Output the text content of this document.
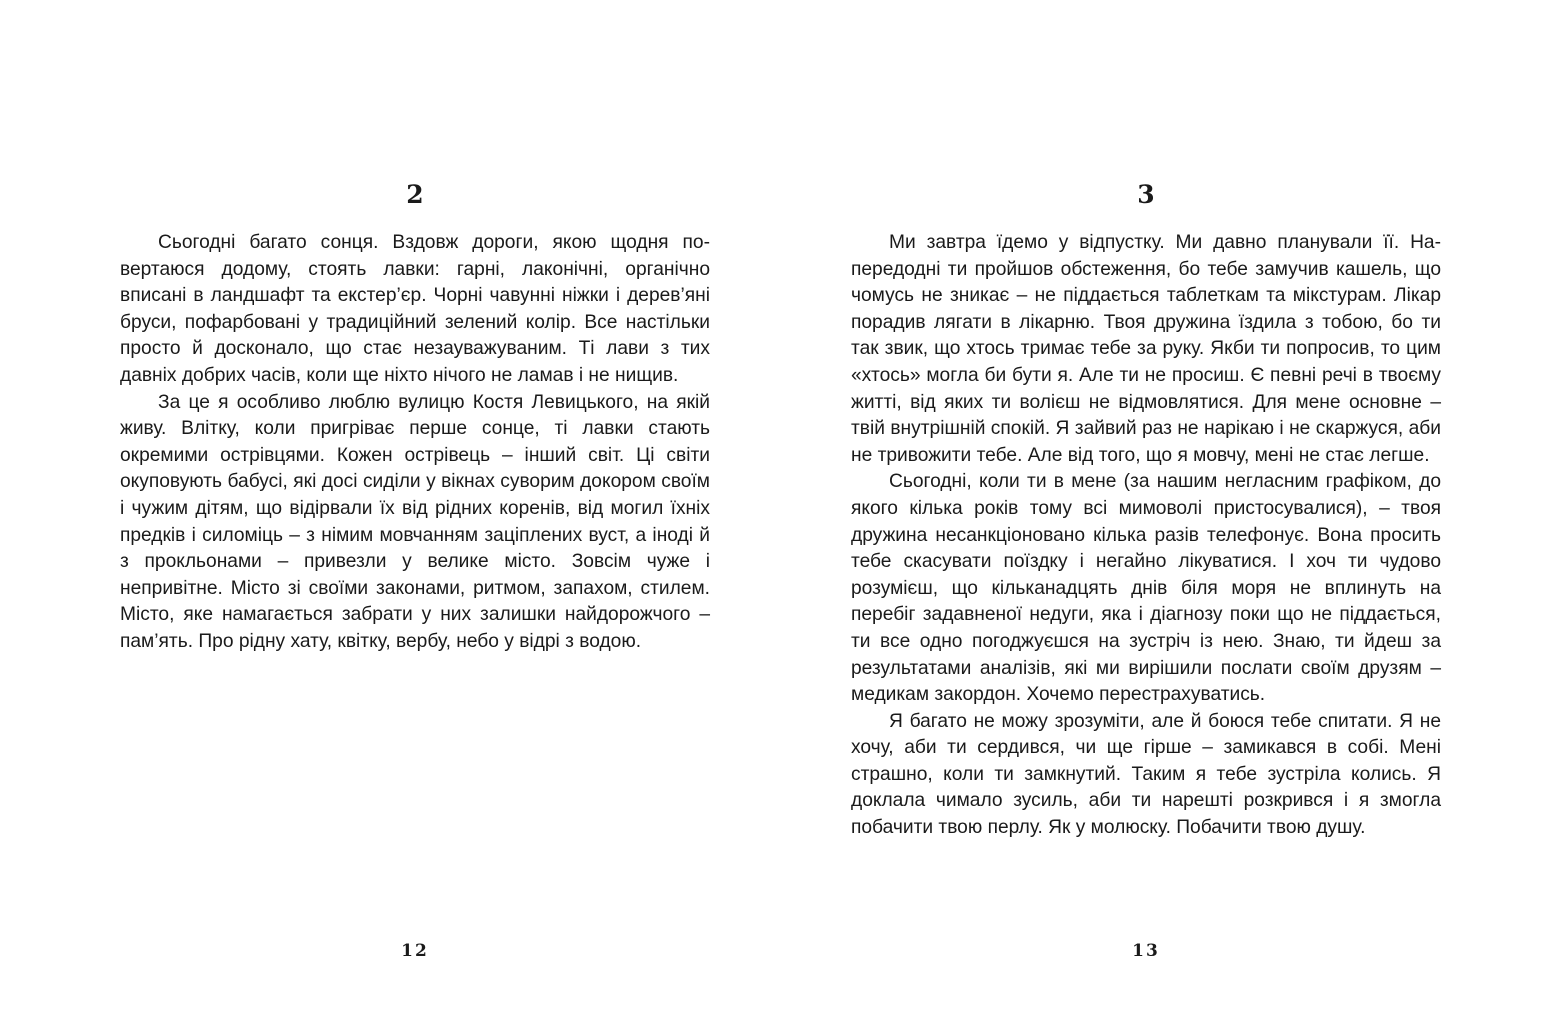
2

Сьогодні багато сонця. Вздовж дороги, якою щодня повертаюся додому, стоять лавки: гарні, лаконічні, органічно вписані в ландшафт та екстер’єр. Чорні чавунні ніжки і дерев’яні бруси, пофарбовані у традиційний зелений колір. Все настільки просто й досконало, що стає незауважуваним. Ті лави з тих давніх добрих часів, коли ще ніхто нічого не ламав і не нищив.

За це я особливо люблю вулицю Костя Левицького, на якій живу. Влітку, коли пригріває перше сонце, ті лавки стають окремими острівцями. Кожен острівець – інший світ. Ці світи окуповують бабусі, які досі сиділи у вікнах суворим докором своїм і чужим дітям, що відірвали їх від рідних коренів, від могил їхніх предків і силоміць – з німим мовчанням заціплених вуст, а іноді й з прокльонами – привезли у велике місто. Зовсім чуже і непривітне. Місто зі своїми законами, ритмом, запахом, стилем. Місто, яке намагається забрати у них залишки найдорожчого – пам’ять. Про рідну хату, квітку, вербу, небо у відрі з водою.

12
3

Ми завтра їдемо у відпустку. Ми давно планували її. Напередодні ти пройшов обстеження, бо тебе замучив кашель, що чомусь не зникає – не піддається таблеткам та мікстурам. Лікар порадив лягати в лікарню. Твоя дружина їздила з тобою, бо ти так звик, що хтось тримає тебе за руку. Якби ти попросив, то цим «хтось» могла би бути я. Але ти не просиш. Є певні речі в твоєму житті, від яких ти волієш не відмовлятися. Для мене основне – твій внутрішній спокій. Я зайвий раз не нарікаю і не скаржуся, аби не тривожити тебе. Але від того, що я мовчу, мені не стає легше.

Сьогодні, коли ти в мене (за нашим негласним графіком, до якого кілька років тому всі мимоволі пристосувалися), – твоя дружина несанкціоновано кілька разів телефонує. Вона просить тебе скасувати поїздку і негайно лікуватися. І хоч ти чудово розумієш, що кільканадцять днів біля моря не вплинуть на перебіг задавненої недуги, яка і діагнозу поки що не піддається, ти все одно погоджуєшся на зустріч із нею. Знаю, ти йдеш за результатами аналізів, які ми вирішили послати своїм друзям – медикам закордон. Хочемо перестрахуватись.

Я багато не можу зрозуміти, але й боюся тебе спитати. Я не хочу, аби ти сердився, чи ще гірше – замикався в собі. Мені страшно, коли ти замкнутий. Таким я тебе зустріла колись. Я доклала чимало зусиль, аби ти нарешті розкрився і я змогла побачити твою перлу. Як у молюску. Побачити твою душу.

13
